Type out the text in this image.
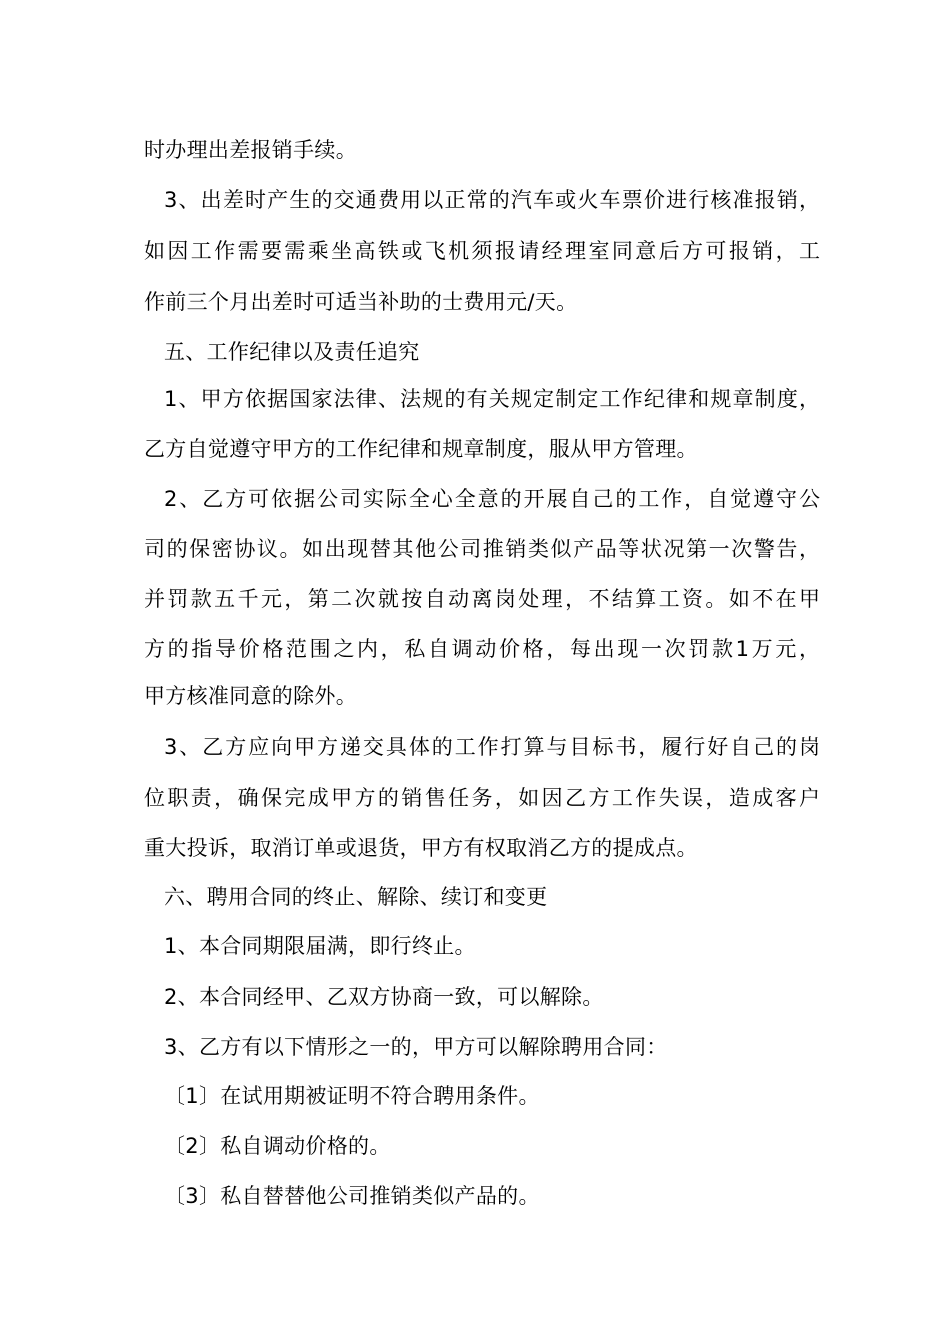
时办理出差报销手续。
3、出差时产生的交通费用以正常的汽车或火车票价进行核准报销，
如因工作需要需乘坐高铁或飞机须报请经理室同意后方可报销，工
作前三个月出差时可适当补助的士费用元/天。
五、工作纪律以及责任追究
1、甲方依据国家法律、法规的有关规定制定工作纪律和规章制度，
乙方自觉遵守甲方的工作纪律和规章制度，服从甲方管理。
2、乙方可依据公司实际全心全意的开展自己的工作，自觉遵守公
司的保密协议。如出现替其他公司推销类似产品等状况第一次警告，
并罚款五千元，第二次就按自动离岗处理，不结算工资。如不在甲
方的指导价格范围之内，私自调动价格，每出现一次罚款1万元，
甲方核准同意的除外。
3、乙方应向甲方递交具体的工作打算与目标书，履行好自己的岗
位职责，确保完成甲方的销售任务，如因乙方工作失误，造成客户
重大投诉，取消订单或退货，甲方有权取消乙方的提成点。
六、聘用合同的终止、解除、续订和变更
1、本合同期限届满，即行终止。
2、本合同经甲、乙双方协商一致，可以解除。
3、乙方有以下情形之一的，甲方可以解除聘用合同：
〔1〕在试用期被证明不符合聘用条件。
〔2〕私自调动价格的。
〔3〕私自替替他公司推销类似产品的。
